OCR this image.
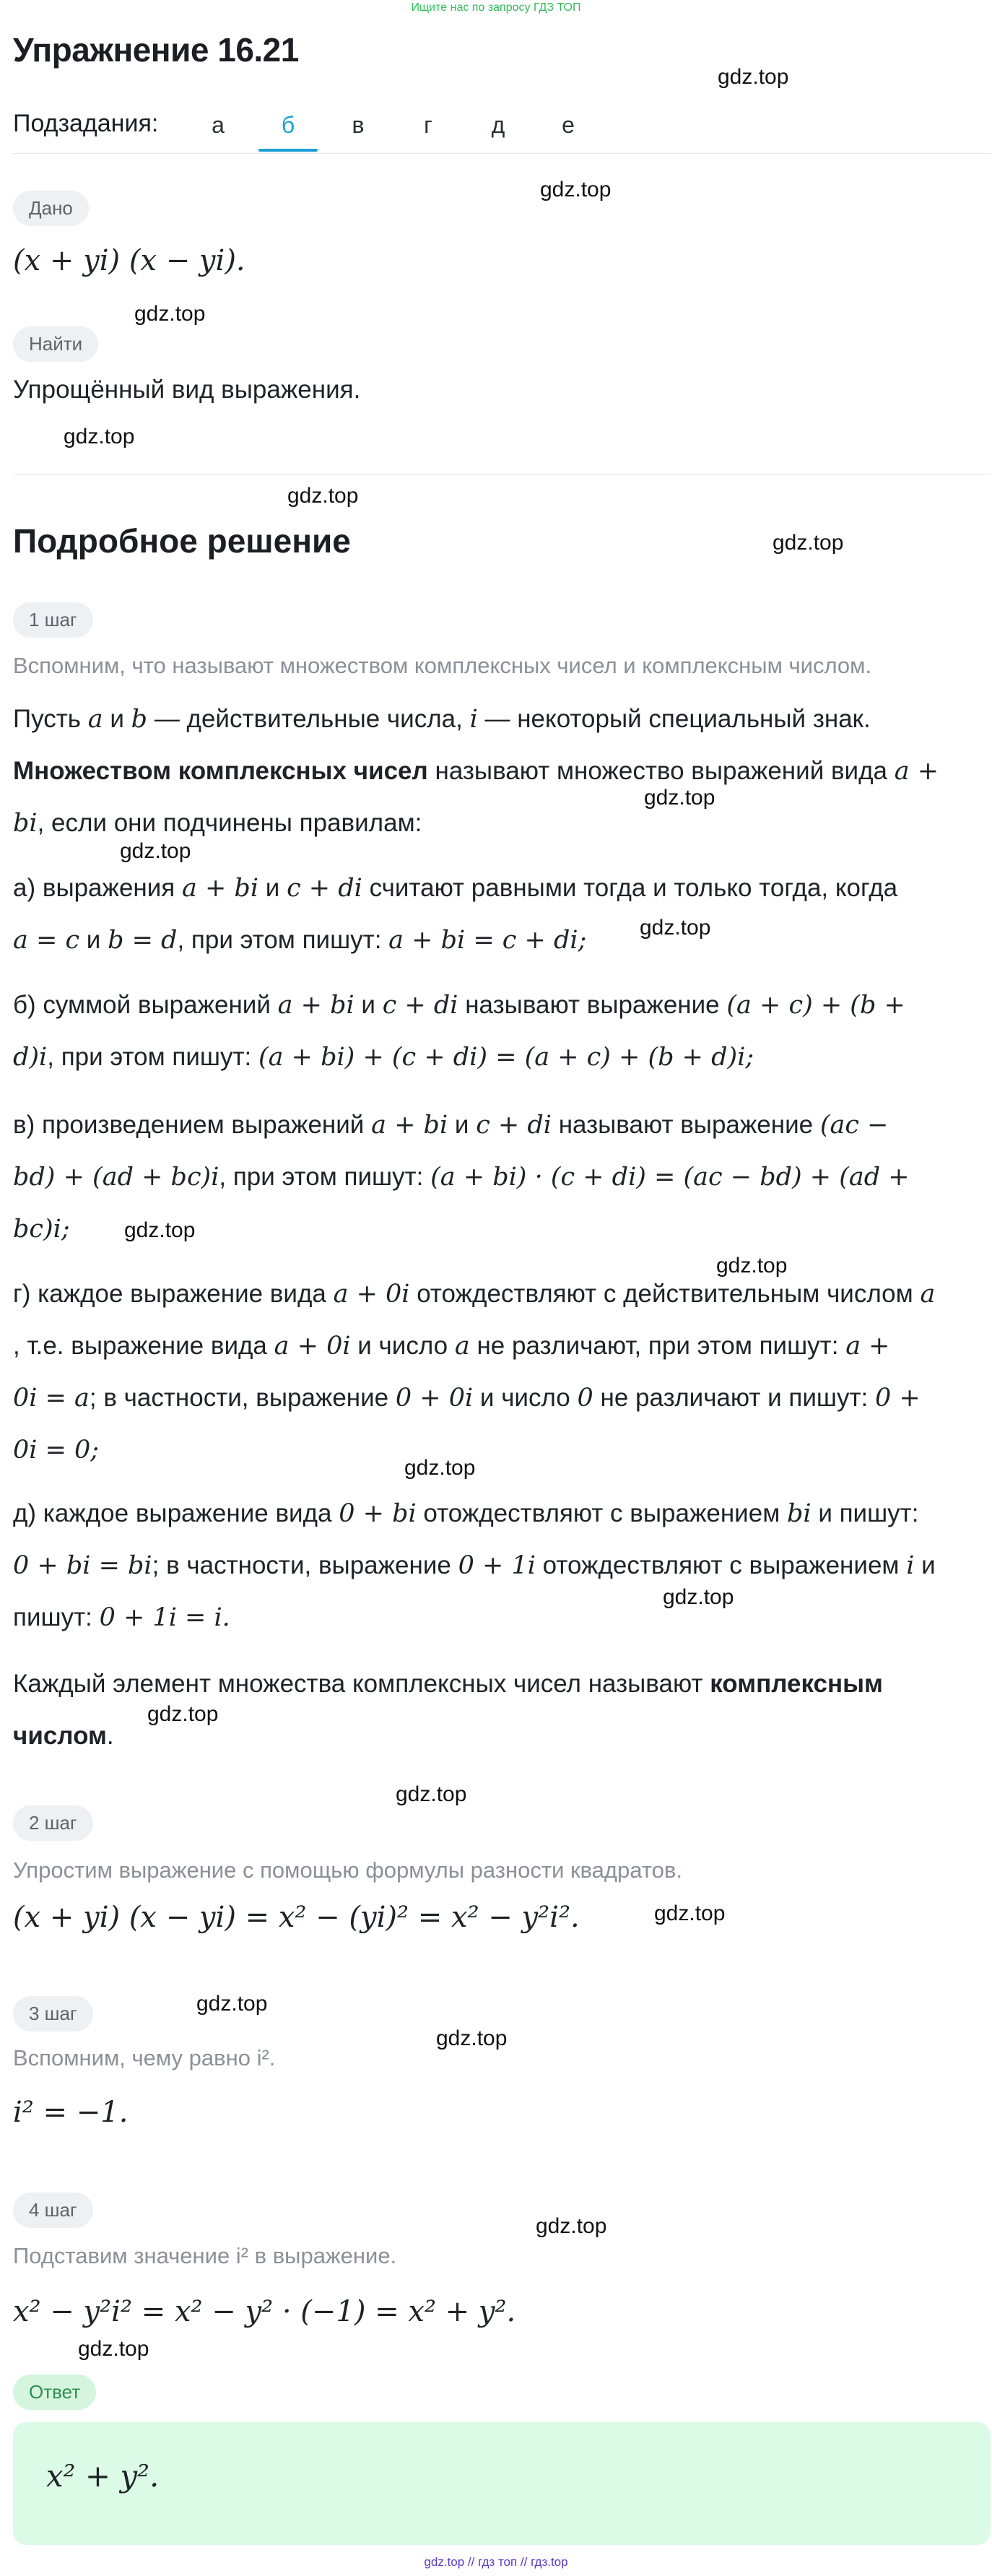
Ищите нас по запросу ГДЗ ТОП
Упражнение 16.21
gdz.top
gdz.top
gdz.top
gdz.top
gdz.top
gdz.top
gdz.top
gdz.top
gdz.top
gdz.top
gdz.top
gdz.top
gdz.top
gdz.top
gdz.top
gdz.top
gdz.top
gdz.top
gdz.top
gdz.top
Подзадания:	а	б	в	г	д	е
Дано
(x + yi) (x − yi).
Найти
Упрощённый вид выражения.
Подробное решение
1 шаг
Вспомним, что называют множеством комплексных чисел и комплексным числом.
Пусть a и b — действительные числа, i — некоторый специальный знак.
Множеством комплексных чисел называют множество выражений вида a +
bi, если они подчинены правилам:
а) выражения a + bi и c + di считают равными тогда и только тогда, когда
a = c и b = d, при этом пишут: a + bi = c + di;
б) суммой выражений a + bi и c + di называют выражение (a + c) + (b +
d)i, при этом пишут: (a + bi) + (c + di) = (a + c) + (b + d)i;
в) произведением выражений a + bi и c + di называют выражение (ac −
bd) + (ad + bc)i, при этом пишут: (a + bi) · (c + di) = (ac − bd) + (ad +
bc)i;
г) каждое выражение вида a + 0i отождествляют с действительным числом a
, т.е. выражение вида a + 0i и число a не различают, при этом пишут: a +
0i = a; в частности, выражение 0 + 0i и число 0 не различают и пишут: 0 +
0i = 0;
д) каждое выражение вида 0 + bi отождествляют с выражением bi и пишут:
0 + bi = bi; в частности, выражение 0 + 1i отождествляют с выражением i и
пишут: 0 + 1i = i.
Каждый элемент множества комплексных чисел называют комплексным
числом.
2 шаг
Упростим выражение с помощью формулы разности квадратов.
(x + yi) (x − yi) = x² − (yi)² = x² − y²i².
3 шаг
Вспомним, чему равно i².
i² = −1.
4 шаг
Подставим значение i² в выражение.
x² − y²i² = x² − y² · (−1) = x² + y².
Ответ
x² + y².
gdz.top // гдз топ // гдз.top
